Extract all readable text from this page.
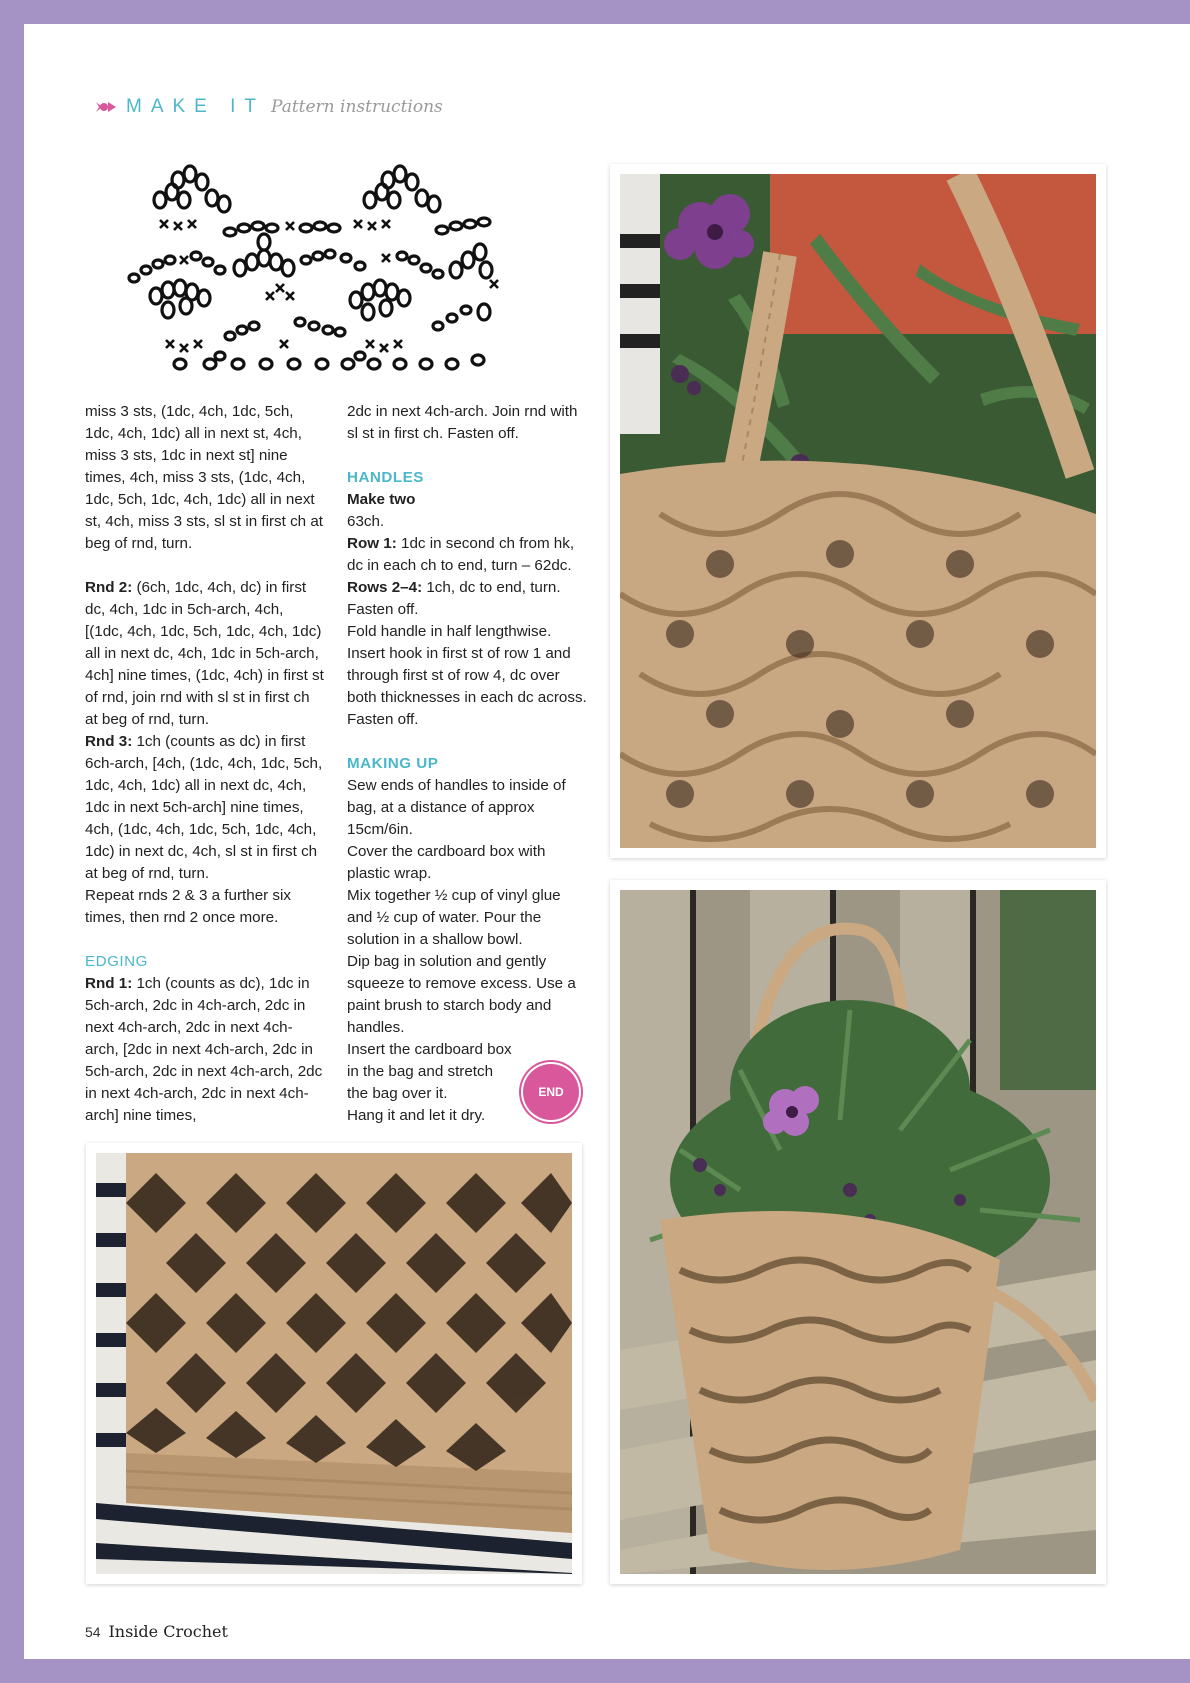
MAKE IT Pattern instructions

miss 3 sts, (1dc, 4ch, 1dc, 5ch, 1dc, 4ch, 1dc) all in next st, 4ch, miss 3 sts, 1dc in next st] nine times, 4ch, miss 3 sts, (1dc, 4ch, 1dc, 5ch, 1dc, 4ch, 1dc) all in next st, 4ch, miss 3 sts, sl st in first ch at beg of rnd, turn.

Rnd 2: (6ch, 1dc, 4ch, dc) in first dc, 4ch, 1dc in 5ch-arch, 4ch, [(1dc, 4ch, 1dc, 5ch, 1dc, 4ch, 1dc) all in next dc, 4ch, 1dc in 5ch-arch, 4ch] nine times, (1dc, 4ch) in first st of rnd, join rnd with sl st in first ch at beg of rnd, turn.

Rnd 3: 1ch (counts as dc) in first 6ch-arch, [4ch, (1dc, 4ch, 1dc, 5ch, 1dc, 4ch, 1dc) all in next dc, 4ch, 1dc in next 5ch-arch] nine times, 4ch, (1dc, 4ch, 1dc, 5ch, 1dc, 4ch, 1dc) in next dc, 4ch, sl st in first ch at beg of rnd, turn.

Repeat rnds 2 & 3 a further six times, then rnd 2 once more.

EDGING

Rnd 1: 1ch (counts as dc), 1dc in 5ch-arch, 2dc in 4ch-arch, 2dc in next 4ch-arch, 2dc in next 4ch-arch, [2dc in next 4ch-arch, 2dc in 5ch-arch, 2dc in next 4ch-arch, 2dc in next 4ch-arch, 2dc in next 4ch-arch] nine times,

2dc in next 4ch-arch. Join rnd with sl st in first ch. Fasten off.

HANDLES

Make two

63ch.

Row 1: 1dc in second ch from hk, dc in each ch to end, turn – 62dc.

Rows 2–4: 1ch, dc to end, turn. Fasten off.

Fold handle in half lengthwise. Insert hook in first st of row 1 and through first st of row 4, dc over both thicknesses in each dc across. Fasten off.

MAKING UP

Sew ends of handles to inside of bag, at a distance of approx 15cm/6in.

Cover the cardboard box with plastic wrap.

Mix together ½ cup of vinyl glue and ½ cup of water. Pour the solution in a shallow bowl.

Dip bag in solution and gently squeeze to remove excess. Use a paint brush to starch body and handles.

Insert the cardboard box

in the bag and stretch

the bag over it.

Hang it and let it dry.

END
54 Inside Crochet
